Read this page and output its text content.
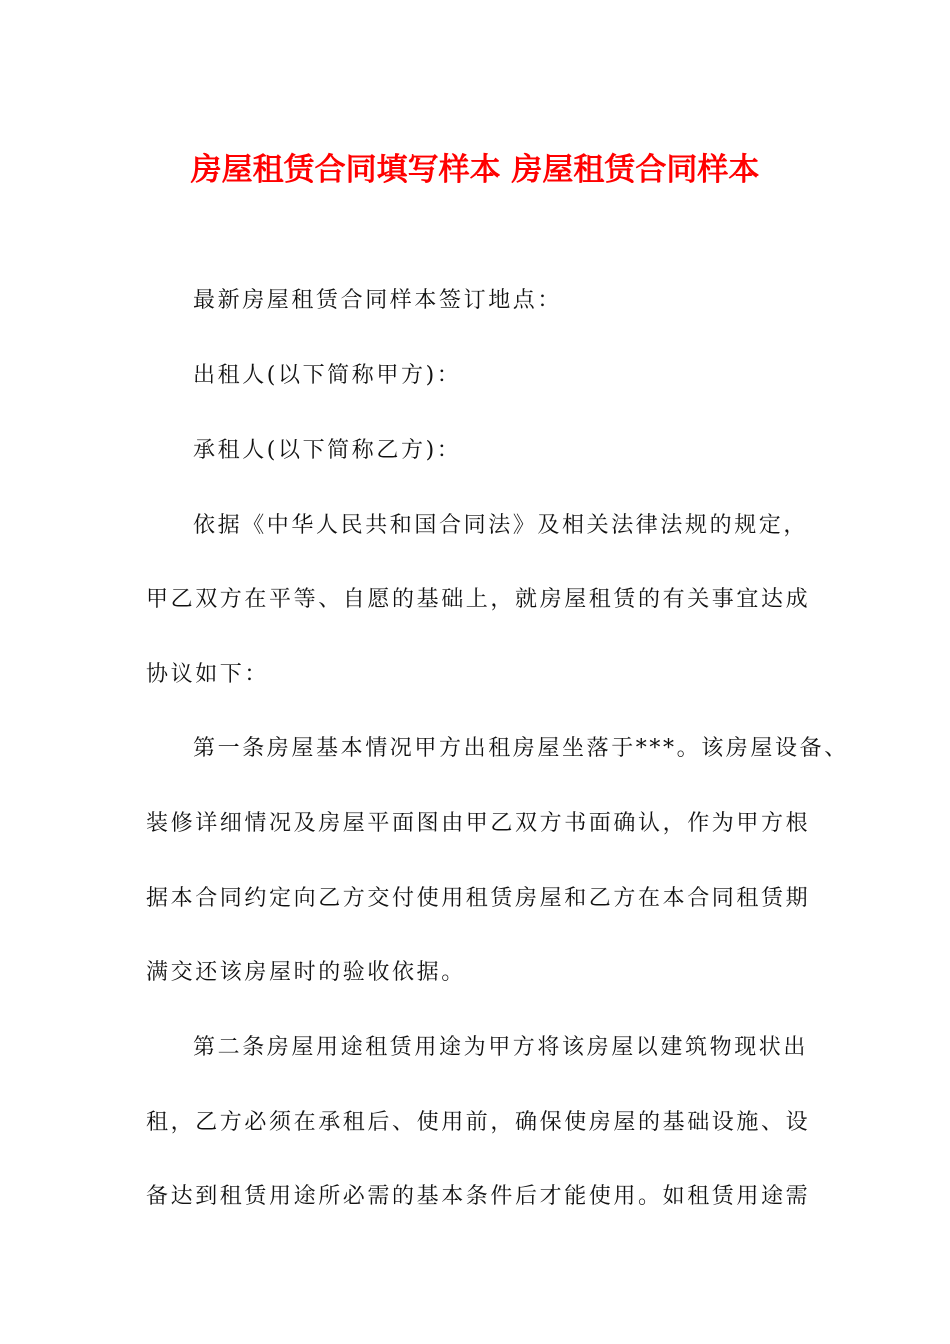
房屋租赁合同填写样本 房屋租赁合同样本
最新房屋租赁合同样本签订地点：
出租人(以下简称甲方)：
承租人(以下简称乙方)：
依据《中华人民共和国合同法》及相关法律法规的规定，
甲乙双方在平等、自愿的基础上，就房屋租赁的有关事宜达成
协议如下：
第一条房屋基本情况甲方出租房屋坐落于***。该房屋设备、
装修详细情况及房屋平面图由甲乙双方书面确认，作为甲方根
据本合同约定向乙方交付使用租赁房屋和乙方在本合同租赁期
满交还该房屋时的验收依据。
第二条房屋用途租赁用途为甲方将该房屋以建筑物现状出
租，乙方必须在承租后、使用前，确保使房屋的基础设施、设
备达到租赁用途所必需的基本条件后才能使用。如租赁用途需
